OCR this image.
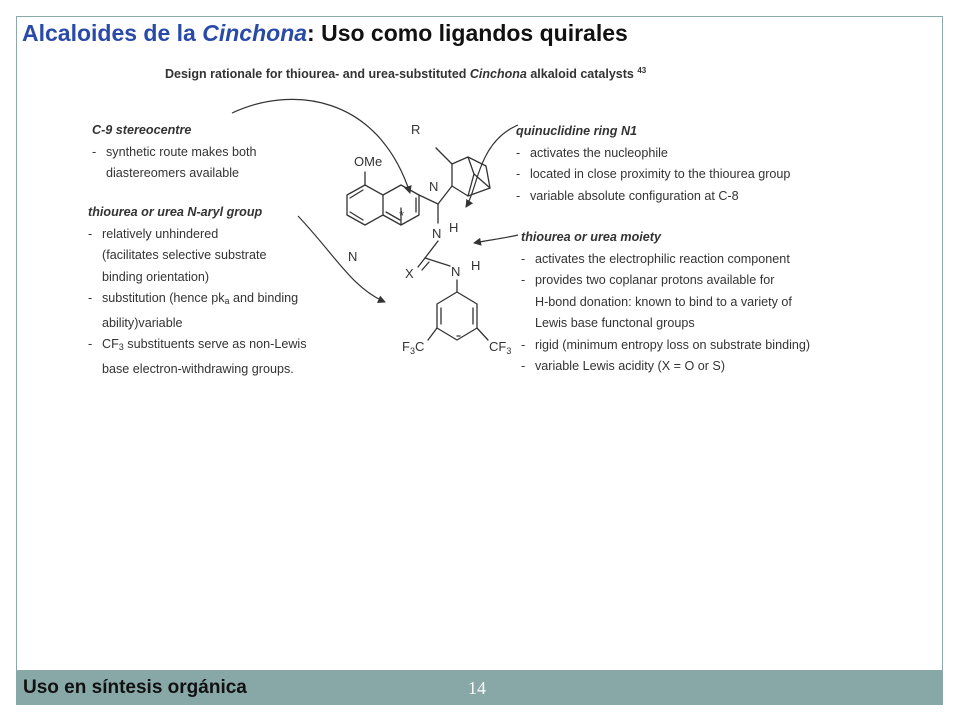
Alcaloides de la Cinchona: Uso como ligandos quirales
Design rationale for thiourea- and urea-substituted Cinchona alkaloid catalysts $^{43}$
C-9 stereocentre
- synthetic route makes both
diastereomers available
thiourea or urea N-aryl group
- relatively unhindered
(facilitates selective substrate
binding orientation)
- substitution (hence $pk_a$ and binding
ability)variable
- $CF_3$ substituents serve as non-Lewis
base electron-withdrawing groups.
quinuclidine ring N1
- activates the nucleophile
- located in close proximity to the thiourea group
- variable absolute configuration at C-8
thiourea or urea moiety
- activates the electrophilic reaction component
- provides two coplanar protons available for
H-bond donation: known to bind to a variety of
Lewis base functonal groups
- rigid (minimum entropy loss on substrate binding)
- variable Lewis acidity (X = O or S)
OMe
R
N
N
*
N H
N H
X
$F_3C$	$CF_3$
Uso en síntesis orgánica	14
